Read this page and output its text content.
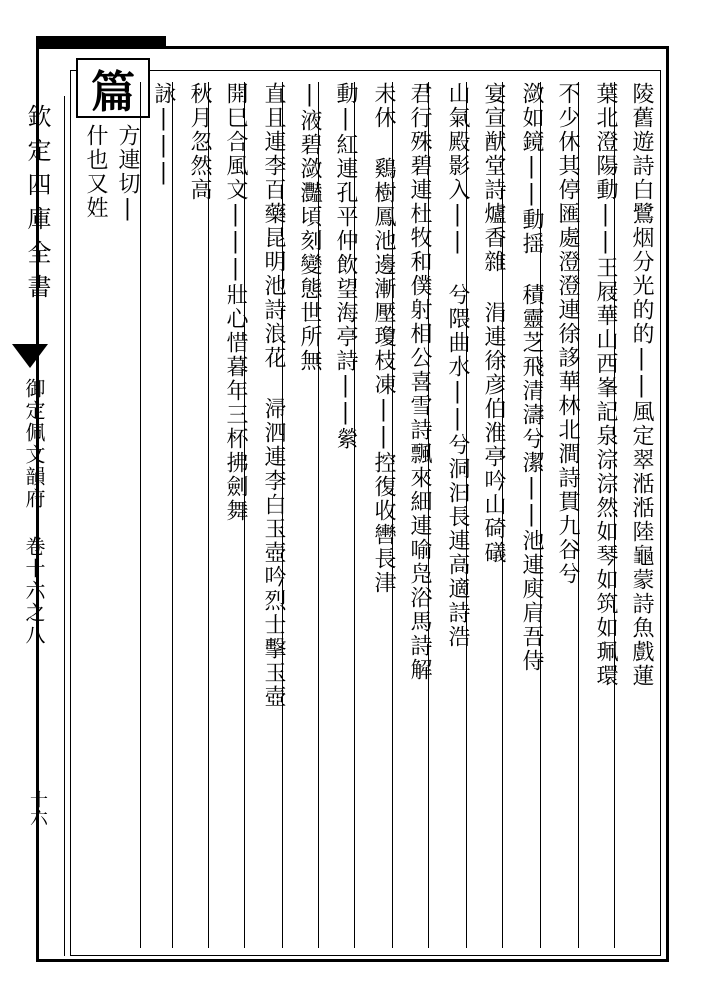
欽定四庫全書
御定佩文韻府 卷十六之八
十六
篇	陵舊遊詩白鷺烟分光的的||風定翠湉湉陸龜蒙詩魚戲蓮
葉北澄陽動||王屐華山西峯記泉淙淙然如琴如筑如珮環
不少休其停匯處澄澄連徐誃華林北澗詩貫九谷兮
潋如鏡||動揺 積靈芝飛清濤兮潔||池連庾肩吾侍
宴宣猷堂詩爐香雜 涓連徐彦伯淮亭吟山碕礒
山氣殿影入|| 兮隈曲水||兮洞汩長連高適詩浩
君行殊碧連杜牧和僕射相公喜雪詩飄來細連喻凫浴馬詩解
未休 鷄樹鳳池邊漸壓瓊枝凍||控復收轡長津
動|紅連孔平仲飲望海亭詩||縈
|液碧潋灩頃刻變態世所無
直且連李百藥昆明池詩浪花 㴆泗連李白玉壺吟烈士擊玉壺
開巳合風文|||壯心惜暮年三杯拂劍舞
秋月忽然高
詠|||
方連切|
什也又姓
